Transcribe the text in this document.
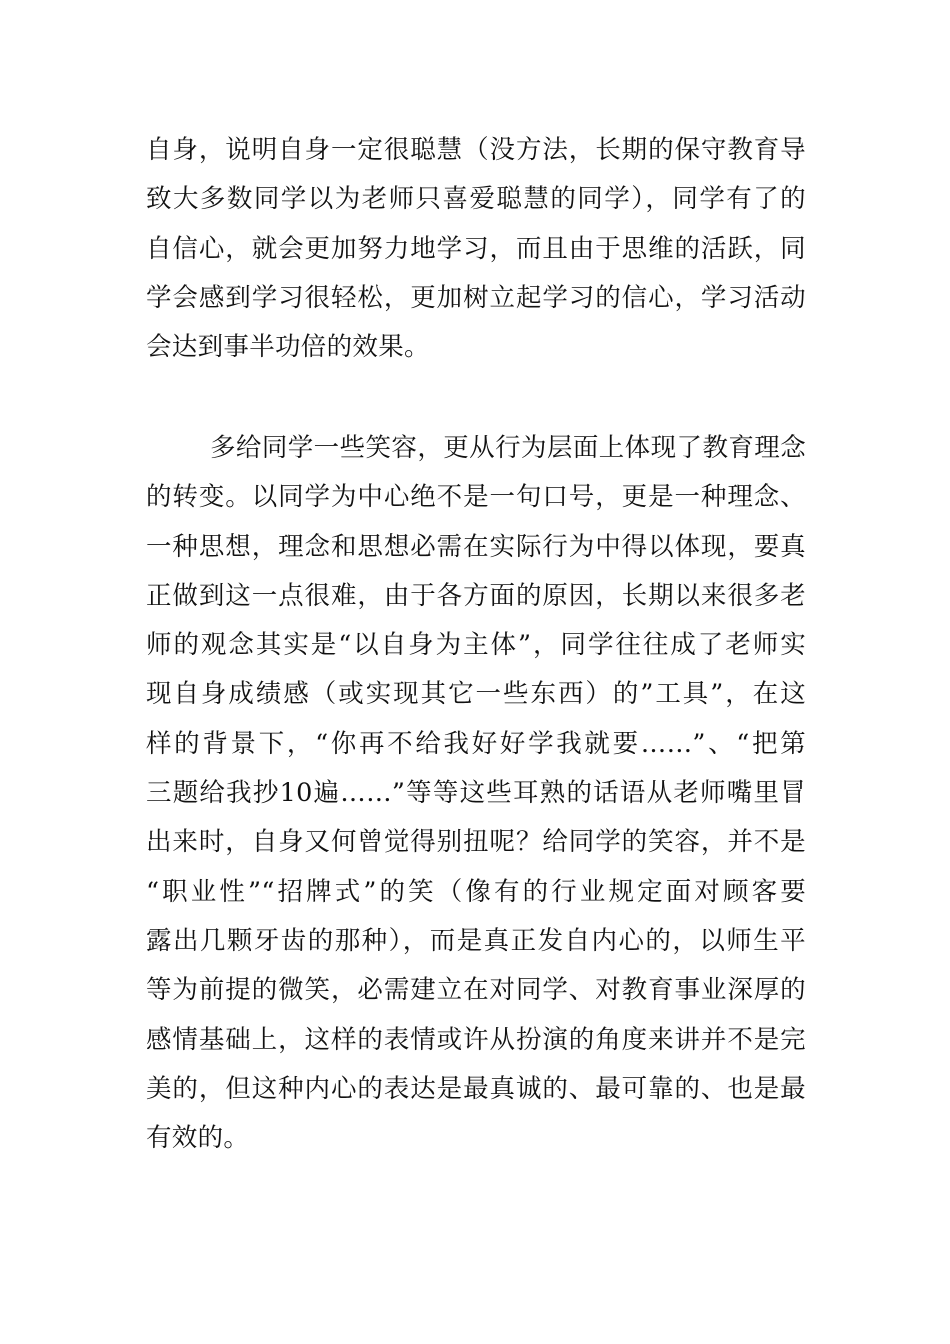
自身，说明自身一定很聪慧（没方法，长期的保守教育导
致大多数同学以为老师只喜爱聪慧的同学），同学有了的
自信心，就会更加努力地学习，而且由于思维的活跃，同
学会感到学习很轻松，更加树立起学习的信心，学习活动
会达到事半功倍的效果。
多给同学一些笑容，更从行为层面上体现了教育理念
的转变。以同学为中心绝不是一句口号，更是一种理念、
一种思想，理念和思想必需在实际行为中得以体现，要真
正做到这一点很难，由于各方面的原因，长期以来很多老
师的观念其实是“以自身为主体”，同学往往成了老师实
现自身成绩感（或实现其它一些东西）的”工具”，在这
样的背景下，“你再不给我好好学我就要……”、“把第
三题给我抄10遍……”等等这些耳熟的话语从老师嘴里冒
出来时，自身又何曾觉得别扭呢？给同学的笑容，并不是
“职业性”“招牌式”的笑（像有的行业规定面对顾客要
露出几颗牙齿的那种），而是真正发自内心的，以师生平
等为前提的微笑，必需建立在对同学、对教育事业深厚的
感情基础上，这样的表情或许从扮演的角度来讲并不是完
美的，但这种内心的表达是最真诚的、最可靠的、也是最
有效的。
